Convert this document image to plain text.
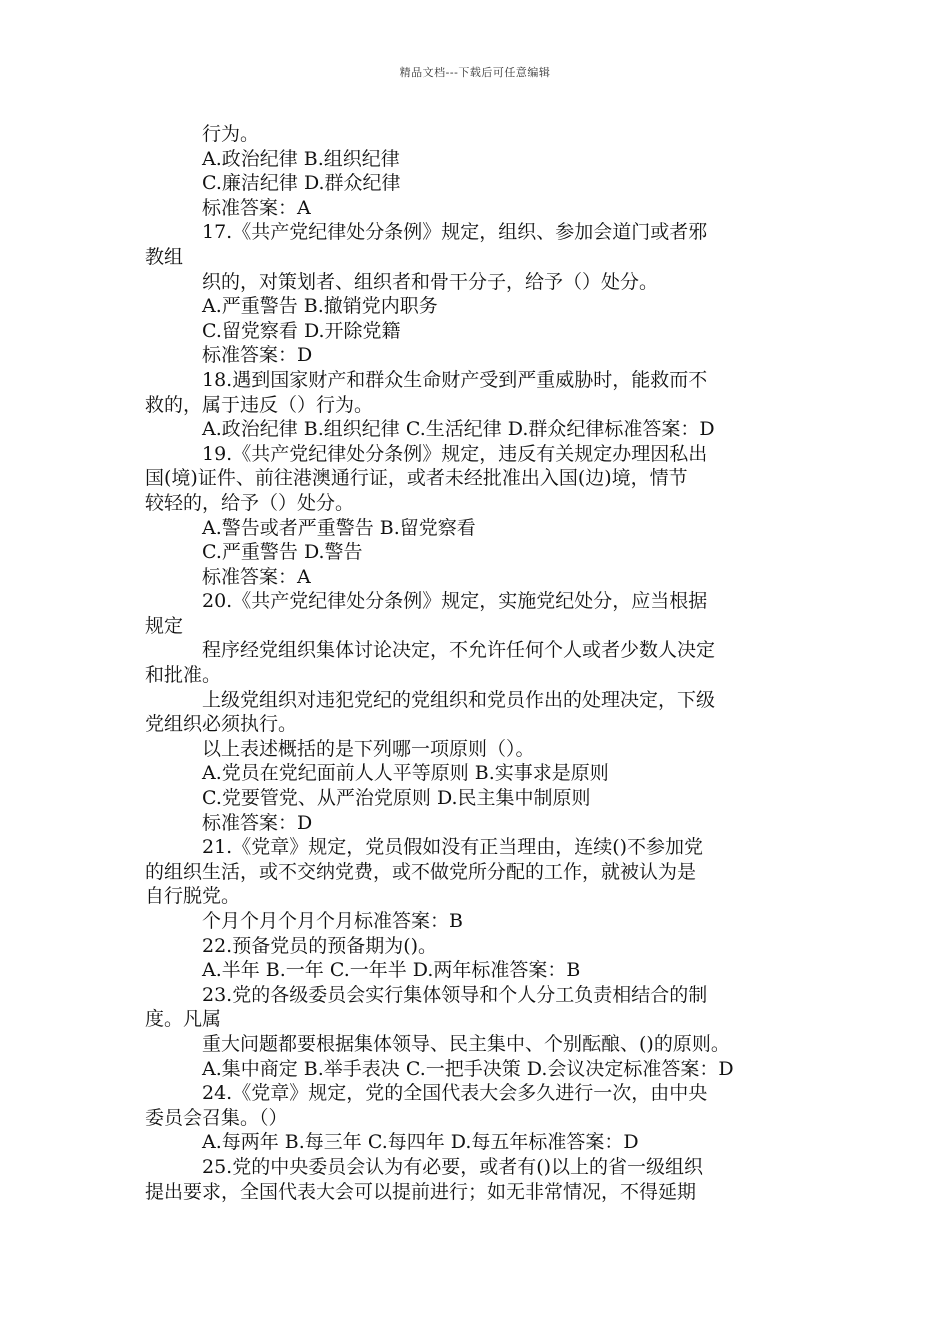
精品文档---下载后可任意编辑
行为。
A.政治纪律 B.组织纪律
C.廉洁纪律 D.群众纪律
标准答案：A
17.《共产党纪律处分条例》规定，组织、参加会道门或者邪
教组
织的，对策划者、组织者和骨干分子，给予（）处分。
A.严重警告 B.撤销党内职务
C.留党察看 D.开除党籍
标准答案：D
18.遇到国家财产和群众生命财产受到严重威胁时，能救而不
救的，属于违反（）行为。
A.政治纪律 B.组织纪律 C.生活纪律 D.群众纪律标准答案：D
19.《共产党纪律处分条例》规定，违反有关规定办理因私出
国(境)证件、前往港澳通行证，或者未经批准出入国(边)境，情节
较轻的，给予（）处分。
A.警告或者严重警告 B.留党察看
C.严重警告 D.警告
标准答案：A
20.《共产党纪律处分条例》规定，实施党纪处分，应当根据
规定
程序经党组织集体讨论决定，不允许任何个人或者少数人决定
和批准。
上级党组织对违犯党纪的党组织和党员作出的处理决定，下级
党组织必须执行。
以上表述概括的是下列哪一项原则（）。
A.党员在党纪面前人人平等原则 B.实事求是原则
C.党要管党、从严治党原则 D.民主集中制原则
标准答案：D
21.《党章》规定，党员假如没有正当理由，连续()不参加党
的组织生活，或不交纳党费，或不做党所分配的工作，就被认为是
自行脱党。
个月个月个月个月标准答案：B
22.预备党员的预备期为()。
A.半年 B.一年 C.一年半 D.两年标准答案：B
23.党的各级委员会实行集体领导和个人分工负责相结合的制
度。凡属
重大问题都要根据集体领导、民主集中、个别酝酿、()的原则。
A.集中商定 B.举手表决 C.一把手决策 D.会议决定标准答案：D
24.《党章》规定，党的全国代表大会多久进行一次，由中央
委员会召集。（）
A.每两年 B.每三年 C.每四年 D.每五年标准答案：D
25.党的中央委员会认为有必要，或者有()以上的省一级组织
提出要求，全国代表大会可以提前进行；如无非常情况，不得延期
